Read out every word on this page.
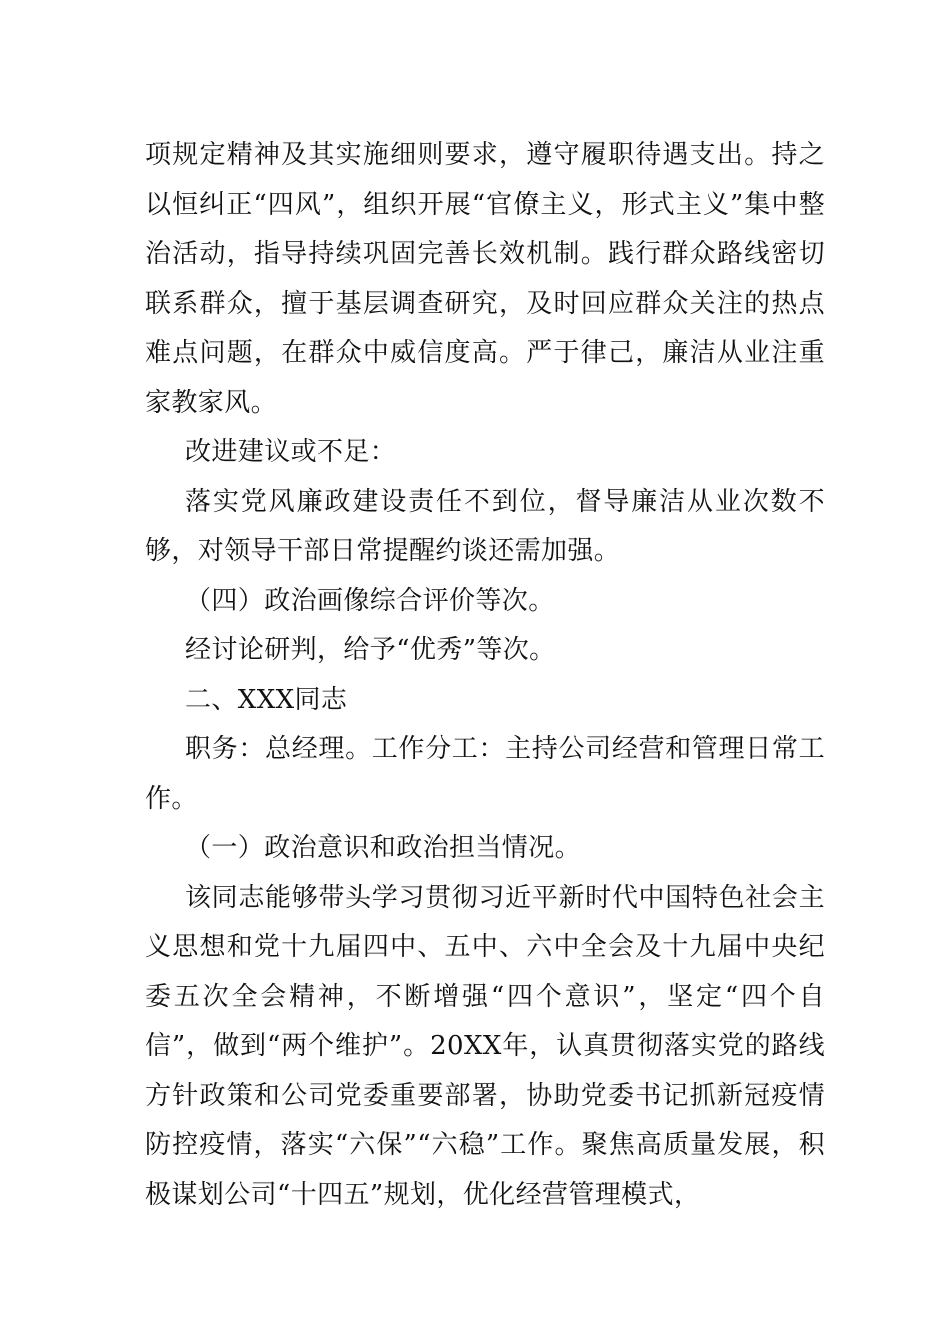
项规定精神及其实施细则要求，遵守履职待遇支出。持之以恒纠正“四风”，组织开展“官僚主义，形式主义”集中整治活动，指导持续巩固完善长效机制。践行群众路线密切联系群众，擅于基层调查研究，及时回应群众关注的热点难点问题，在群众中威信度高。严于律己，廉洁从业注重家教家风。

改进建议或不足：

落实党风廉政建设责任不到位，督导廉洁从业次数不够，对领导干部日常提醒约谈还需加强。

（四）政治画像综合评价等次。

经讨论研判，给予“优秀”等次。

二、XXX同志

职务：总经理。工作分工：主持公司经营和管理日常工作。

（一）政治意识和政治担当情况。

该同志能够带头学习贯彻习近平新时代中国特色社会主义思想和党十九届四中、五中、六中全会及十九届中央纪委五次全会精神，不断增强“四个意识”，坚定“四个自信”，做到“两个维护”。20XX年，认真贯彻落实党的路线方针政策和公司党委重要部署，协助党委书记抓新冠疫情防控疫情，落实“六保”“六稳”工作。聚焦高质量发展，积极谋划公司“十四五”规划，优化经营管理模式，
